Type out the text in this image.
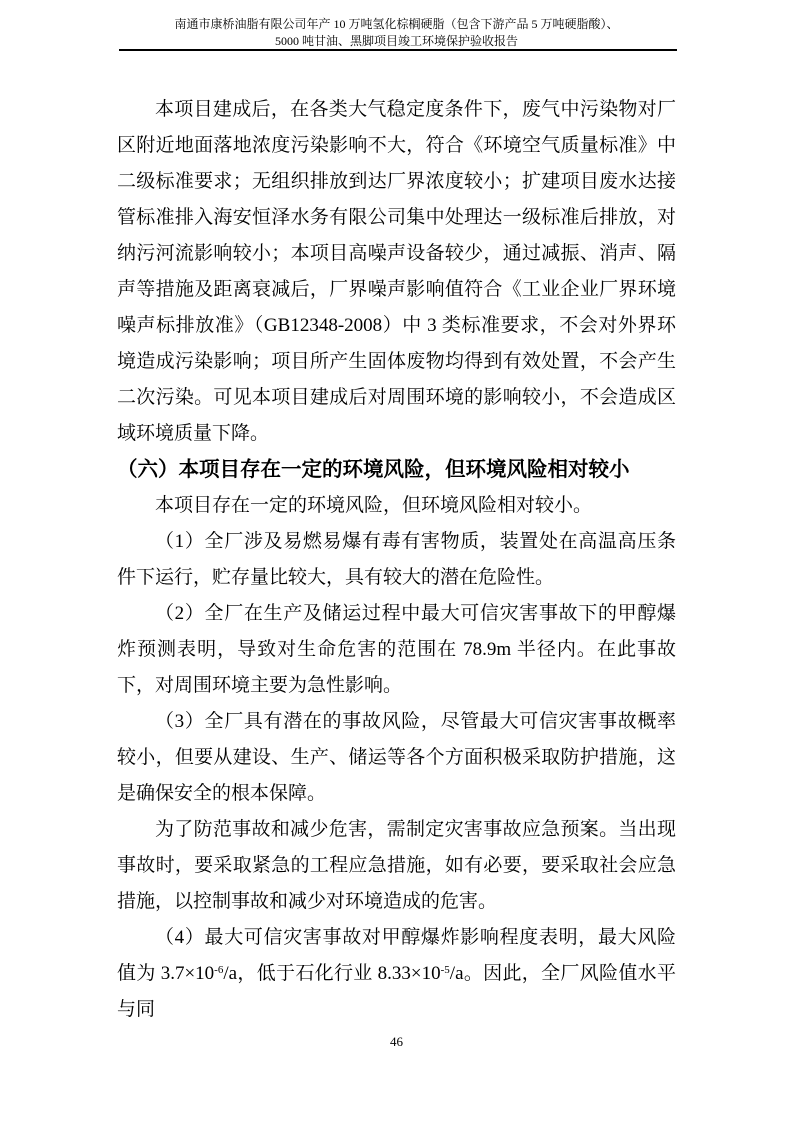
南通市康桥油脂有限公司年产 10 万吨氢化棕榈硬脂（包含下游产品 5 万吨硬脂酸）、
5000 吨甘油、黑脚项目竣工环境保护验收报告

本项目建成后，在各类大气稳定度条件下，废气中污染物对厂区附近地面落地浓度污染影响不大，符合《环境空气质量标准》中二级标准要求；无组织排放到达厂界浓度较小；扩建项目废水达接管标准排入海安恒泽水务有限公司集中处理达一级标准后排放，对纳污河流影响较小；本项目高噪声设备较少，通过减振、消声、隔声等措施及距离衰减后，厂界噪声影响值符合《工业企业厂界环境噪声标排放准》（GB12348-2008）中 3 类标准要求，不会对外界环境造成污染影响；项目所产生固体废物均得到有效处置，不会产生二次污染。可见本项目建成后对周围环境的影响较小，不会造成区域环境质量下降。

（六）本项目存在一定的环境风险，但环境风险相对较小

本项目存在一定的环境风险，但环境风险相对较小。

（1）全厂涉及易燃易爆有毒有害物质，装置处在高温高压条件下运行，贮存量比较大，具有较大的潜在危险性。

（2）全厂在生产及储运过程中最大可信灾害事故下的甲醇爆炸预测表明，导致对生命危害的范围在 78.9m 半径内。在此事故下，对周围环境主要为急性影响。

（3）全厂具有潜在的事故风险，尽管最大可信灾害事故概率较小，但要从建设、生产、储运等各个方面积极采取防护措施，这是确保安全的根本保障。

为了防范事故和减少危害，需制定灾害事故应急预案。当出现事故时，要采取紧急的工程应急措施，如有必要，要采取社会应急措施，以控制事故和减少对环境造成的危害。

（4）最大可信灾害事故对甲醇爆炸影响程度表明，最大风险值为 $3.7\times 10^{-6}/a$，低于石化行业 $8.33\times 10^{-5}/a$。因此，全厂风险值水平与同

46
